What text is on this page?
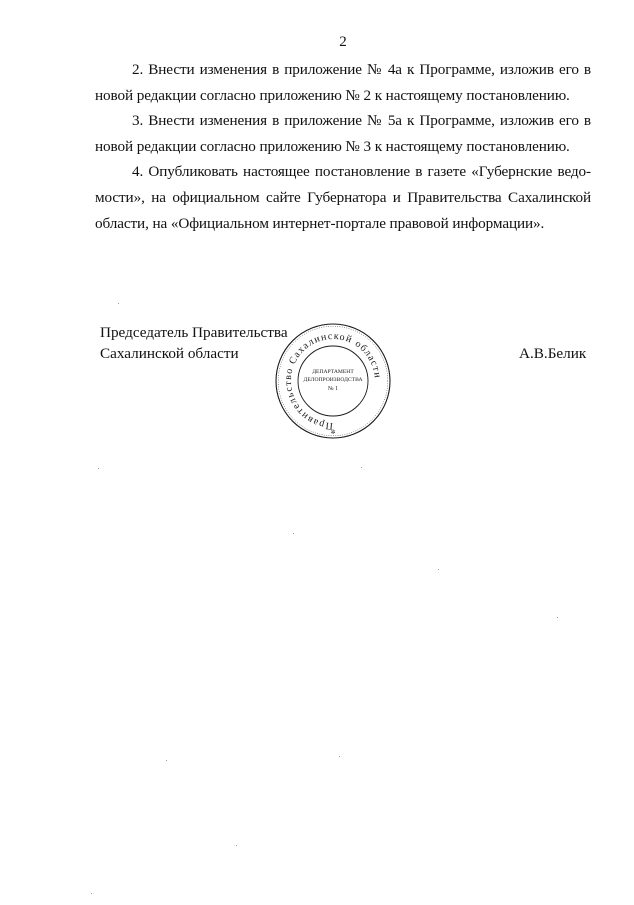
2
2. Внести изменения в приложение № 4а к Программе, изложив его в новой редакции согласно приложению № 2 к настоящему постановлению.
3. Внести изменения в приложение № 5а к Программе, изложив его в новой редакции согласно приложению № 3 к настоящему постановлению.
4. Опубликовать настоящее постановление в газете «Губернские ведо- мости», на официальном сайте Губернатора и Правительства Сахалинской области, на «Официальном интернет-портале правовой информации».
Председатель Правительства
Сахалинской области
Правительство Сахалинской области
ДЕПАРТАМЕНТ
ДЕЛОПРОИЗВОДСТВА
№ 1
✲
А.В.Белик
